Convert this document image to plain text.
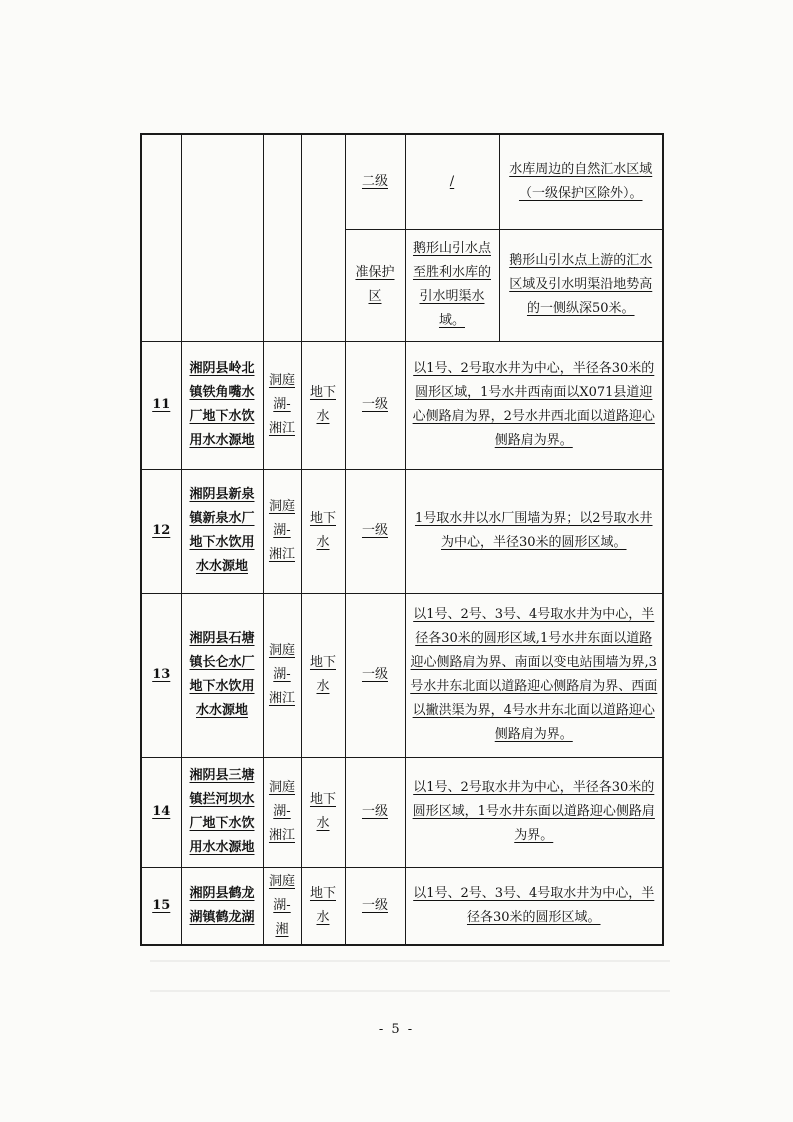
				二级	/	水库周边的自然汇水区域（一级保护区除外）。
				准保护区	鹅形山引水点至胜利水库的引水明渠水域。	鹅形山引水点上游的汇水区域及引水明渠沿地势高的一侧纵深50米。
11	湘阴县岭北镇铁角嘴水厂地下水饮用水水源地	洞庭湖-湘江	地下水	一级	以1号、2号取水井为中心，半径各30米的圆形区域，1号水井西南面以X071县道迎心侧路肩为界，2号水井西北面以道路迎心侧路肩为界。	
12	湘阴县新泉镇新泉水厂地下水饮用水水源地	洞庭湖-湘江	地下水	一级	1号取水井以水厂围墙为界；以2号取水井为中心，半径30米的圆形区域。	
13	湘阴县石塘镇长仑水厂地下水饮用水水源地	洞庭湖-湘江	地下水	一级	以1号、2号、3号、4号取水井为中心，半径各30米的圆形区域,1号水井东面以道路迎心侧路肩为界、南面以变电站围墙为界,3号水井东北面以道路迎心侧路肩为界、西面以撇洪渠为界，4号水井东北面以道路迎心侧路肩为界。	
14	湘阴县三塘镇拦河坝水厂地下水饮用水水源地	洞庭湖-湘江	地下水	一级	以1号、2号取水井为中心，半径各30米的圆形区域，1号水井东面以道路迎心侧路肩为界。	
15	湘阴县鹤龙湖镇鹤龙湖	洞庭湖-湘	地下水	一级	以1号、2号、3号、4号取水井为中心，半径各30米的圆形区域。	
- 5 -
